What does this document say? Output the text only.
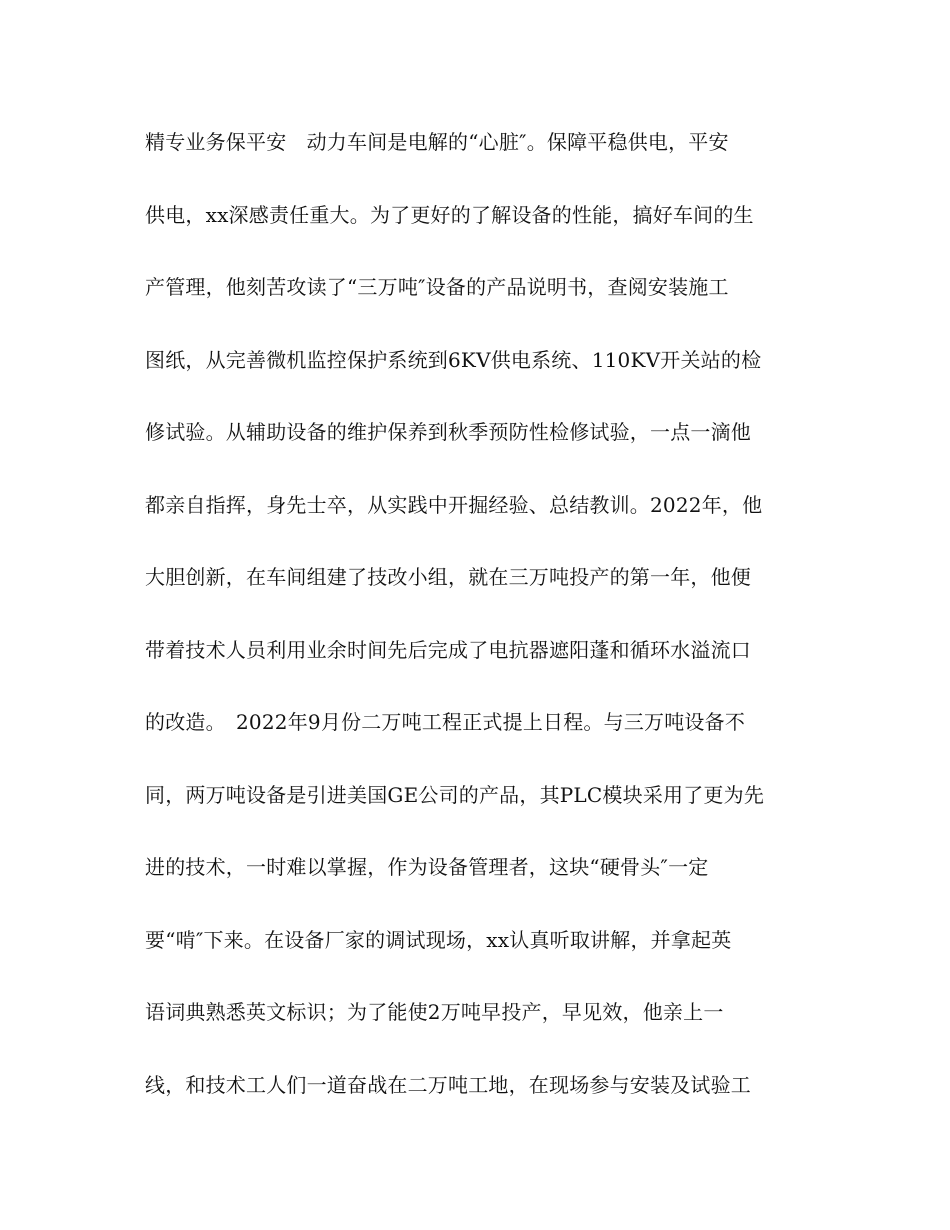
精专业务保平安　动力车间是电解的“心脏″。保障平稳供电，平安
供电，xx深感责任重大。为了更好的了解设备的性能，搞好车间的生
产管理，他刻苦攻读了“三万吨″设备的产品说明书，查阅安装施工
图纸，从完善微机监控保护系统到6KV供电系统、110KV开关站的检
修试验。从辅助设备的维护保养到秋季预防性检修试验，一点一滴他
都亲自指挥，身先士卒，从实践中开掘经验、总结教训。2022年，他
大胆创新，在车间组建了技改小组，就在三万吨投产的第一年，他便
带着技术人员利用业余时间先后完成了电抗器遮阳蓬和循环水溢流口
的改造。　2022年9月份二万吨工程正式提上日程。与三万吨设备不
同，两万吨设备是引进美国GE公司的产品，其PLC模块采用了更为先
进的技术，一时难以掌握，作为设备管理者，这块“硬骨头″一定
要“啃″下来。在设备厂家的调试现场，xx认真听取讲解，并拿起英
语词典熟悉英文标识；为了能使2万吨早投产，早见效，他亲上一
线，和技术工人们一道奋战在二万吨工地，在现场参与安装及试验工
